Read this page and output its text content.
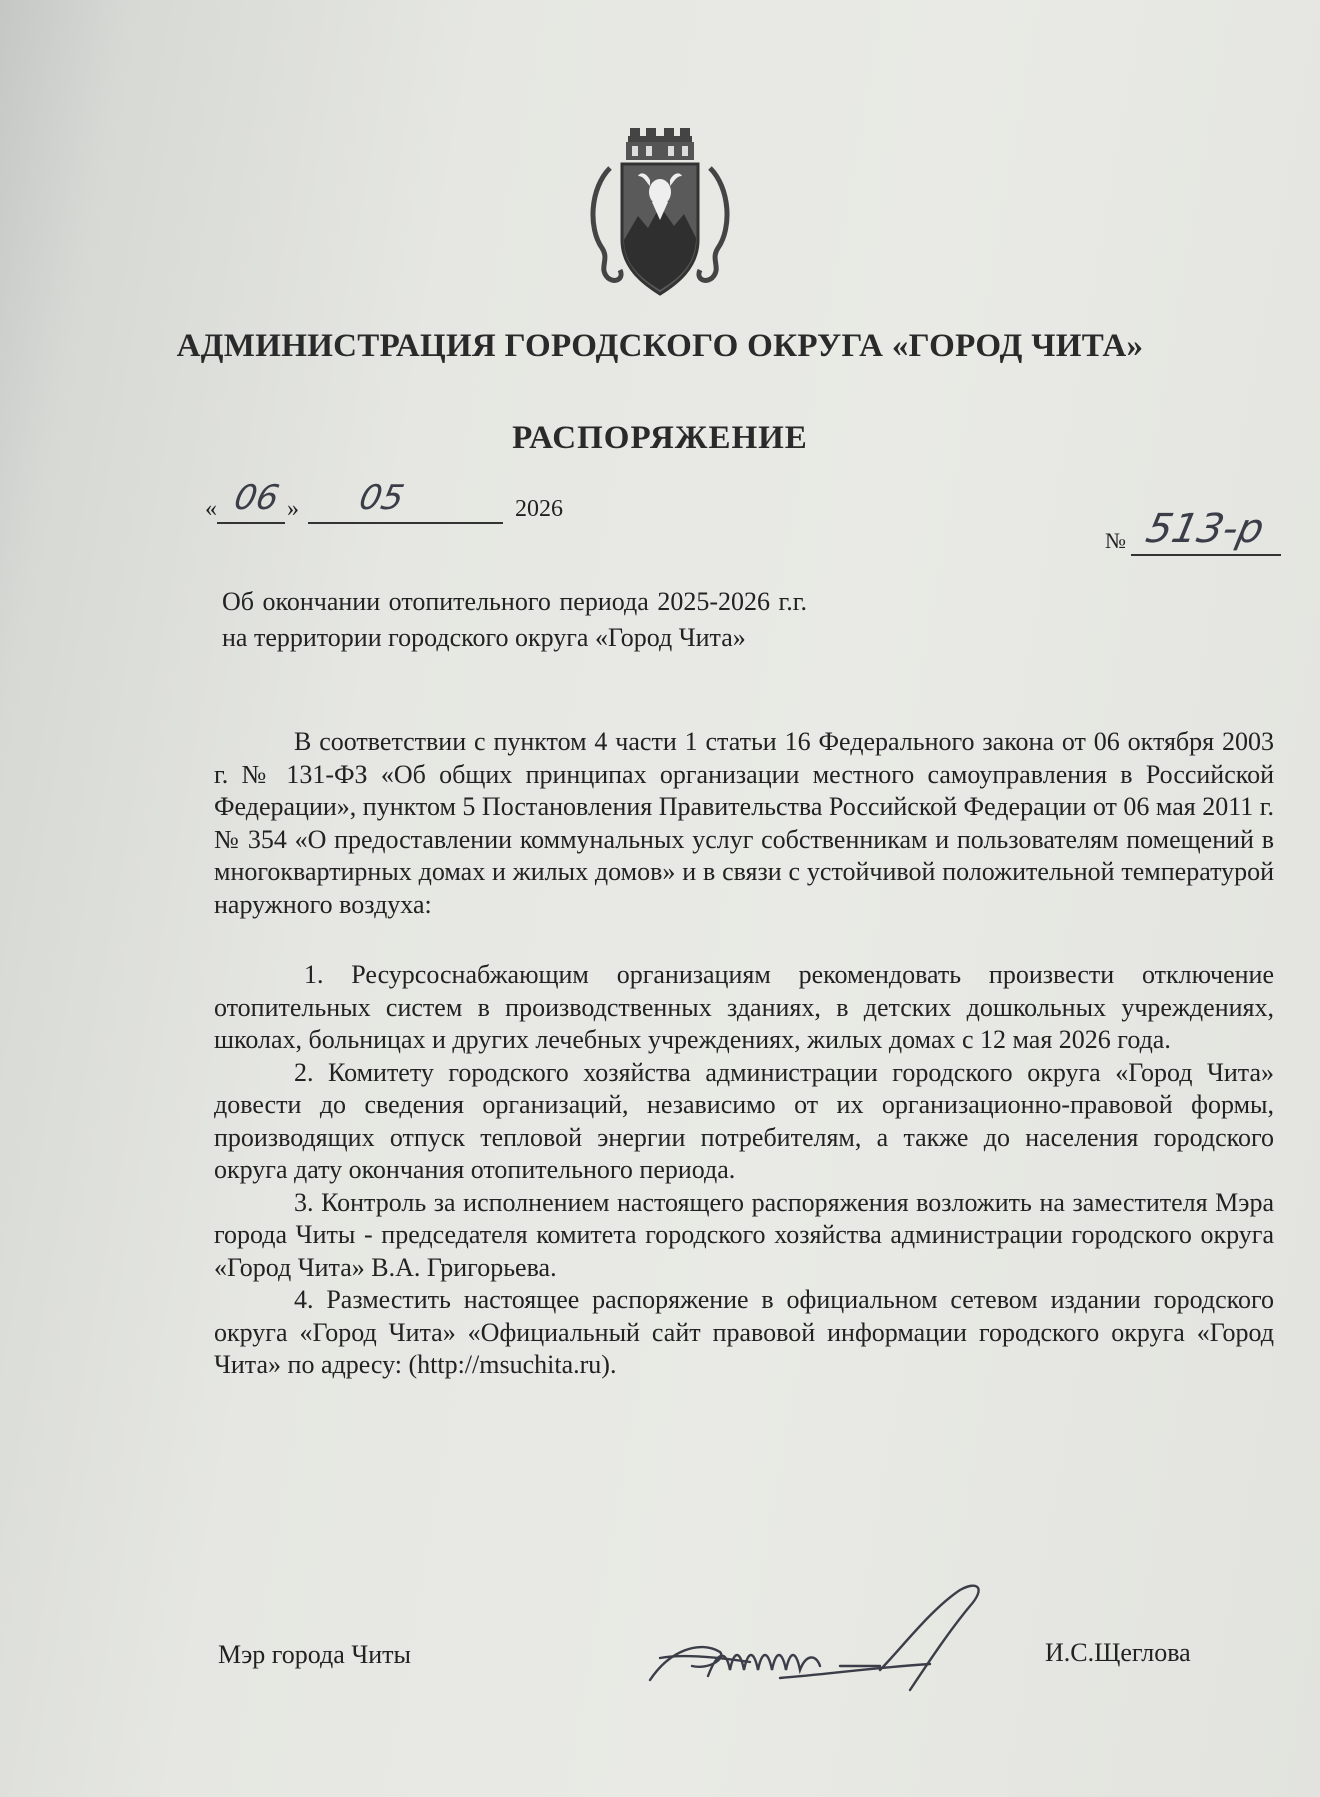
АДМИНИСТРАЦИЯ ГОРОДСКОГО ОКРУГА «ГОРОД ЧИТА»
РАСПОРЯЖЕНИЕ
« 06 » 05	2026
№ 513-р
Об окончании отопительного периода 2025-2026 г.г. на территории городского округа «Город Чита»

В соответствии с пунктом 4 части 1 статьи 16 Федерального закона от 06 октября 2003 г. № 131-ФЗ «Об общих принципах организации местного самоуправления в Российской Федерации», пунктом 5 Постановления Правительства Российской Федерации от 06 мая 2011 г. № 354 «О предоставлении коммунальных услуг собственникам и пользователям помещений в многоквартирных домах и жилых домов» и в связи с устойчивой положительной температурой наружного воздуха:

1. Ресурсоснабжающим организациям рекомендовать произвести отключение отопительных систем в производственных зданиях, в детских дошкольных учреждениях, школах, больницах и других лечебных учреждениях, жилых домах с 12 мая 2026 года.

2. Комитету городского хозяйства администрации городского округа «Город Чита» довести до сведения организаций, независимо от их организационно-правовой формы, производящих отпуск тепловой энергии потребителям, а также до населения городского округа дату окончания отопительного периода.

3. Контроль за исполнением настоящего распоряжения возложить на заместителя Мэра города Читы - председателя комитета городского хозяйства администрации городского округа «Город Чита» В.А. Григорьева.

4. Разместить настоящее распоряжение в официальном сетевом издании городского округа «Город Чита» «Официальный сайт правовой информации городского округа «Город Чита» по адресу: (http://msuchita.ru).

Мэр города Читы	И.С.Щеглова
